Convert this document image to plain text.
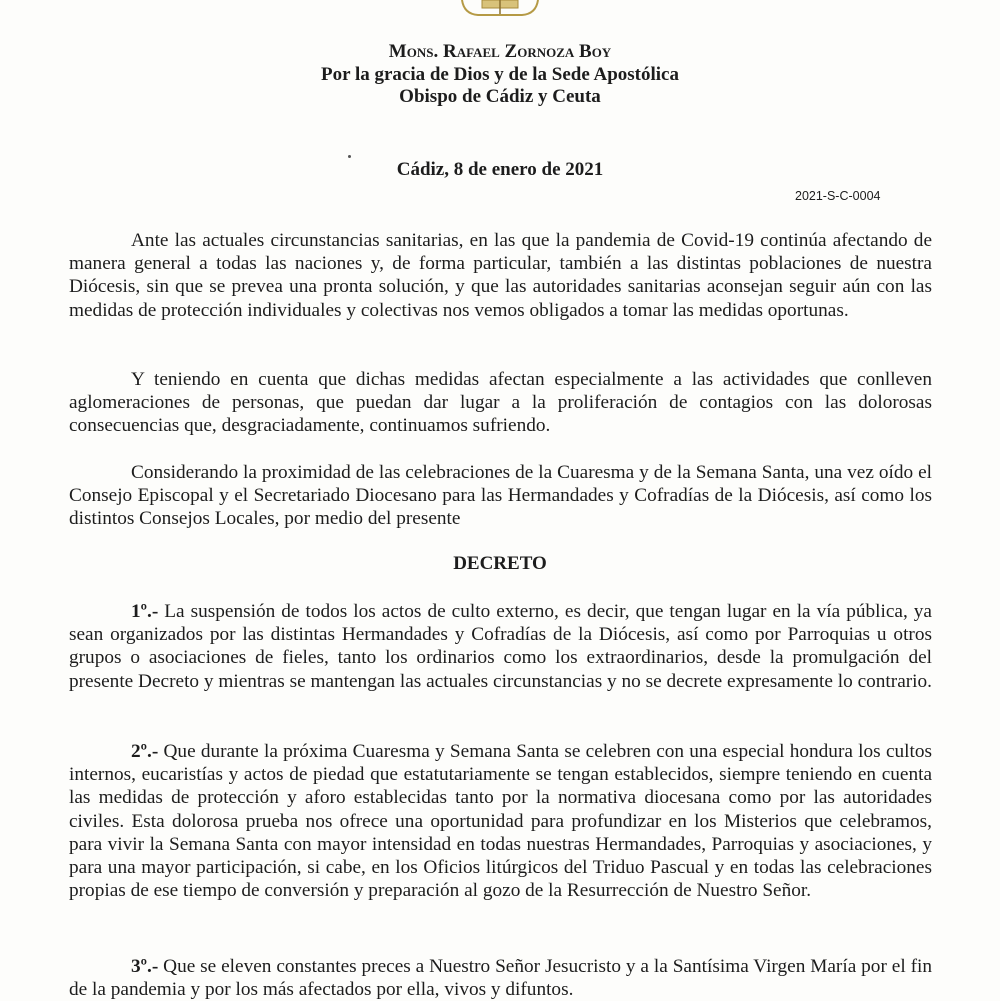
Mons. Rafael Zornoza Boy
Por la gracia de Dios y de la Sede Apostólica
Obispo de Cádiz y Ceuta
Cádiz, 8 de enero de 2021
2021-S-C-0004

Ante las actuales circunstancias sanitarias, en las que la pandemia de Covid-19 continúa afectando de manera general a todas las naciones y, de forma particular, también a las distintas poblaciones de nuestra Diócesis, sin que se prevea una pronta solución, y que las autoridades sanitarias aconsejan seguir aún con las medidas de protección individuales y colectivas nos vemos obligados a tomar las medidas oportunas.

Y teniendo en cuenta que dichas medidas afectan especialmente a las actividades que conlleven aglomeraciones de personas, que puedan dar lugar a la proliferación de contagios con las dolorosas consecuencias que, desgraciadamente, continuamos sufriendo.

Considerando la proximidad de las celebraciones de la Cuaresma y de la Semana Santa, una vez oído el Consejo Episcopal y el Secretariado Diocesano para las Hermandades y Cofradías de la Diócesis, así como los distintos Consejos Locales, por medio del presente

DECRETO

1º.- La suspensión de todos los actos de culto externo, es decir, que tengan lugar en la vía pública, ya sean organizados por las distintas Hermandades y Cofradías de la Diócesis, así como por Parroquias u otros grupos o asociaciones de fieles, tanto los ordinarios como los extraordinarios, desde la promulgación del presente Decreto y mientras se mantengan las actuales circunstancias y no se decrete expresamente lo contrario.

2º.- Que durante la próxima Cuaresma y Semana Santa se celebren con una especial hondura los cultos internos, eucaristías y actos de piedad que estatutariamente se tengan establecidos, siempre teniendo en cuenta las medidas de protección y aforo establecidas tanto por la normativa diocesana como por las autoridades civiles. Esta dolorosa prueba nos ofrece una oportunidad para profundizar en los Misterios que celebramos, para vivir la Semana Santa con mayor intensidad en todas nuestras Hermandades, Parroquias y asociaciones, y para una mayor participación, si cabe, en los Oficios litúrgicos del Triduo Pascual y en todas las celebraciones propias de ese tiempo de conversión y preparación al gozo de la Resurrección de Nuestro Señor.

3º.- Que se eleven constantes preces a Nuestro Señor Jesucristo y a la Santísima Virgen María por el fin de la pandemia y por los más afectados por ella, vivos y difuntos.
